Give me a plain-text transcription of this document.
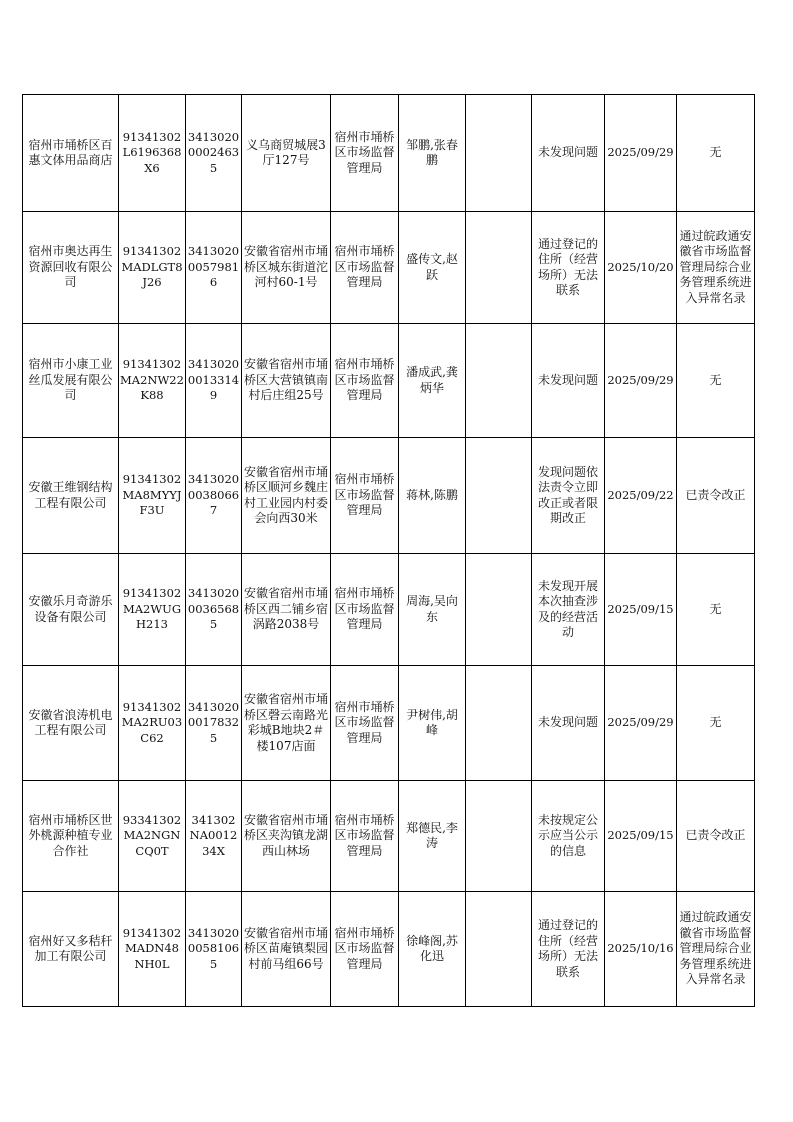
宿州市埇桥区百惠文体用品商店	91341302L6196368X6	341302000024635	义乌商贸城展3厅127号	宿州市埇桥区市场监督管理局	邹鹏,张春鹏		未发现问题	2025/09/29	无
宿州市奥达再生资源回收有限公司	91341302MADLGT8J26	341302000579816	安徽省宿州市埇桥区城东街道沱河村60-1号	宿州市埇桥区市场监督管理局	盛传文,赵跃		通过登记的住所（经营场所）无法联系	2025/10/20	通过皖政通安徽省市场监督管理局综合业务管理系统进入异常名录
宿州市小康工业丝瓜发展有限公司	91341302MA2NW22K88	341302000133149	安徽省宿州市埇桥区大营镇镇南村后庄组25号	宿州市埇桥区市场监督管理局	潘成武,龚炳华		未发现问题	2025/09/29	无
安徽王维钢结构工程有限公司	91341302MA8MYYJF3U	341302000380667	安徽省宿州市埇桥区顺河乡魏庄村工业园内村委会向西30米	宿州市埇桥区市场监督管理局	蒋林,陈鹏		发现问题依法责令立即改正或者限期改正	2025/09/22	已责令改正
安徽乐月奇游乐设备有限公司	91341302MA2WUGH213	341302000365685	安徽省宿州市埇桥区西二铺乡宿涡路2038号	宿州市埇桥区市场监督管理局	周海,吴向东		未发现开展本次抽查涉及的经营活动	2025/09/15	无
安徽省浪涛机电工程有限公司	91341302MA2RU03C62	341302000178325	安徽省宿州市埇桥区磬云南路光彩城B地块2＃楼107店面	宿州市埇桥区市场监督管理局	尹树伟,胡峰		未发现问题	2025/09/29	无
宿州市埇桥区世外桃源种植专业合作社	93341302MA2NGNCQ0T	341302NA001234X	安徽省宿州市埇桥区夹沟镇龙湖西山林场	宿州市埇桥区市场监督管理局	郑德民,李涛		未按规定公示应当公示的信息	2025/09/15	已责令改正
宿州好又多秸秆加工有限公司	91341302MADN48NH0L	341302000581065	安徽省宿州市埇桥区苗庵镇梨园村前马组66号	宿州市埇桥区市场监督管理局	徐峰阁,苏化迅		通过登记的住所（经营场所）无法联系	2025/10/16	通过皖政通安徽省市场监督管理局综合业务管理系统进入异常名录
